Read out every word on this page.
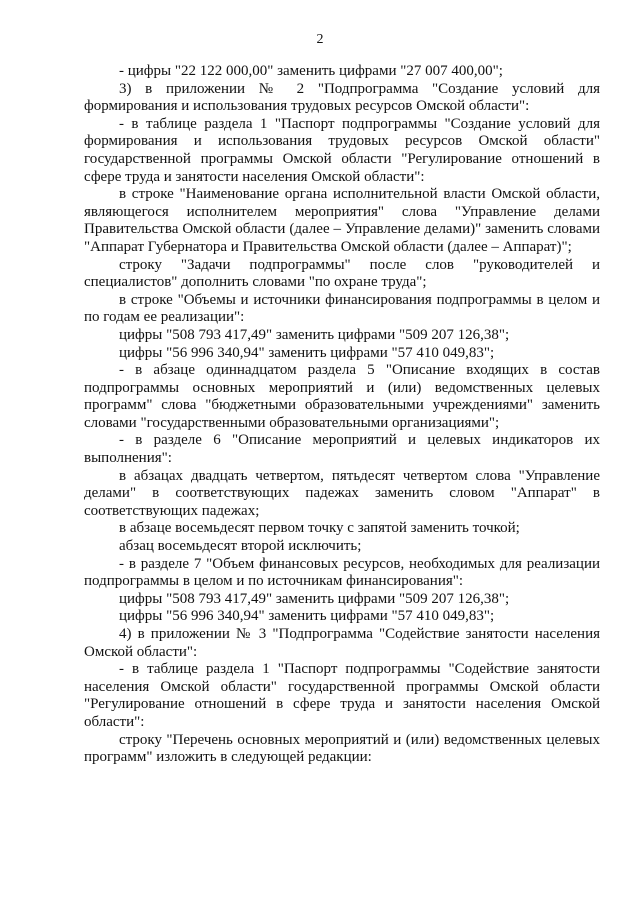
2

- цифры "22 122 000,00" заменить цифрами "27 007 400,00";

3) в приложении № 2 "Подпрограмма "Создание условий для формирования и использования трудовых ресурсов Омской области":

- в таблице раздела 1 "Паспорт подпрограммы "Создание условий для формирования и использования трудовых ресурсов Омской области" государственной программы Омской области "Регулирование отношений в сфере труда и занятости населения Омской области":

в строке "Наименование органа исполнительной власти Омской области, являющегося исполнителем мероприятия" слова "Управление делами Правительства Омской области (далее – Управление делами)" заменить словами "Аппарат Губернатора и Правительства Омской области (далее – Аппарат)";

строку "Задачи подпрограммы" после слов "руководителей и специалистов" дополнить словами "по охране труда";

в строке "Объемы и источники финансирования подпрограммы в целом и по годам ее реализации":

цифры "508 793 417,49" заменить цифрами "509 207 126,38";

цифры "56 996 340,94" заменить цифрами "57 410 049,83";

- в абзаце одиннадцатом раздела 5 "Описание входящих в состав подпрограммы основных мероприятий и (или) ведомственных целевых программ" слова "бюджетными образовательными учреждениями" заменить словами "государственными образовательными организациями";

- в разделе 6 "Описание мероприятий и целевых индикаторов их выполнения":

в абзацах двадцать четвертом, пятьдесят четвертом слова "Управление делами" в соответствующих падежах заменить словом "Аппарат" в соответствующих падежах;

в абзаце восемьдесят первом точку с запятой заменить точкой;

абзац восемьдесят второй исключить;

- в разделе 7 "Объем финансовых ресурсов, необходимых для реализации подпрограммы в целом и по источникам финансирования":

цифры "508 793 417,49" заменить цифрами "509 207 126,38";

цифры "56 996 340,94" заменить цифрами "57 410 049,83";

4) в приложении № 3 "Подпрограмма "Содействие занятости населения Омской области":

- в таблице раздела 1 "Паспорт подпрограммы "Содействие занятости населения Омской области" государственной программы Омской области "Регулирование отношений в сфере труда и занятости населения Омской области":

строку "Перечень основных мероприятий и (или) ведомственных целевых программ" изложить в следующей редакции:
